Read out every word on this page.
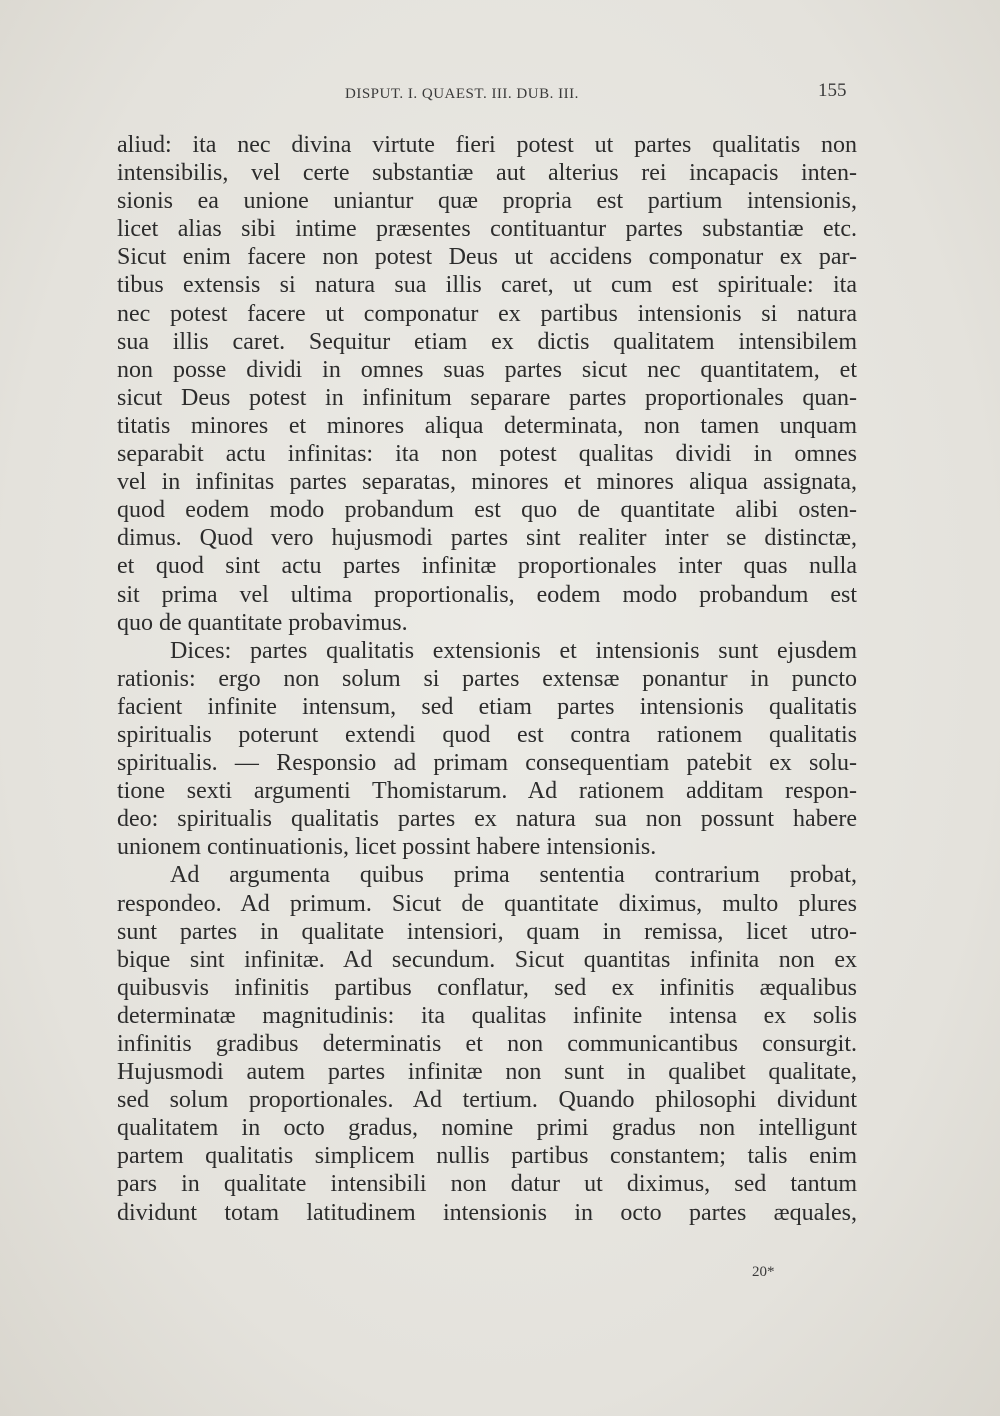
DISPUT. I. QUAEST. III. DUB. III.	155

aliud: ita nec divina virtute fieri potest ut partes qualitatis non
intensibilis, vel certe substantiæ aut alterius rei incapacis inten-
sionis ea unione uniantur quæ propria est partium intensionis,
licet alias sibi intime præsentes contituantur partes substantiæ etc.
Sicut enim facere non potest Deus ut accidens componatur ex par-
tibus extensis si natura sua illis caret, ut cum est spirituale: ita
nec potest facere ut componatur ex partibus intensionis si natura
sua illis caret. Sequitur etiam ex dictis qualitatem intensibilem
non posse dividi in omnes suas partes sicut nec quantitatem, et
sicut Deus potest in infinitum separare partes proportionales quan-
titatis minores et minores aliqua determinata, non tamen unquam
separabit actu infinitas: ita non potest qualitas dividi in omnes
vel in infinitas partes separatas, minores et minores aliqua assignata,
quod eodem modo probandum est quo de quantitate alibi osten-
dimus. Quod vero hujusmodi partes sint realiter inter se distinctæ,
et quod sint actu partes infinitæ proportionales inter quas nulla
sit prima vel ultima proportionalis, eodem modo probandum est
quo de quantitate probavimus.

Dices: partes qualitatis extensionis et intensionis sunt ejusdem
rationis: ergo non solum si partes extensæ ponantur in puncto
facient infinite intensum, sed etiam partes intensionis qualitatis
spiritualis poterunt extendi quod est contra rationem qualitatis
spiritualis. — Responsio ad primam consequentiam patebit ex solu-
tione sexti argumenti Thomistarum. Ad rationem additam respon-
deo: spiritualis qualitatis partes ex natura sua non possunt habere
unionem continuationis, licet possint habere intensionis.

Ad argumenta quibus prima sententia contrarium probat,
respondeo. Ad primum. Sicut de quantitate diximus, multo plures
sunt partes in qualitate intensiori, quam in remissa, licet utro-
bique sint infinitæ. Ad secundum. Sicut quantitas infinita non ex
quibusvis infinitis partibus conflatur, sed ex infinitis æqualibus
determinatæ magnitudinis: ita qualitas infinite intensa ex solis
infinitis gradibus determinatis et non communicantibus consurgit.
Hujusmodi autem partes infinitæ non sunt in qualibet qualitate,
sed solum proportionales. Ad tertium. Quando philosophi dividunt
qualitatem in octo gradus, nomine primi gradus non intelligunt
partem qualitatis simplicem nullis partibus constantem; talis enim
pars in qualitate intensibili non datur ut diximus, sed tantum
dividunt totam latitudinem intensionis in octo partes æquales,

20*
